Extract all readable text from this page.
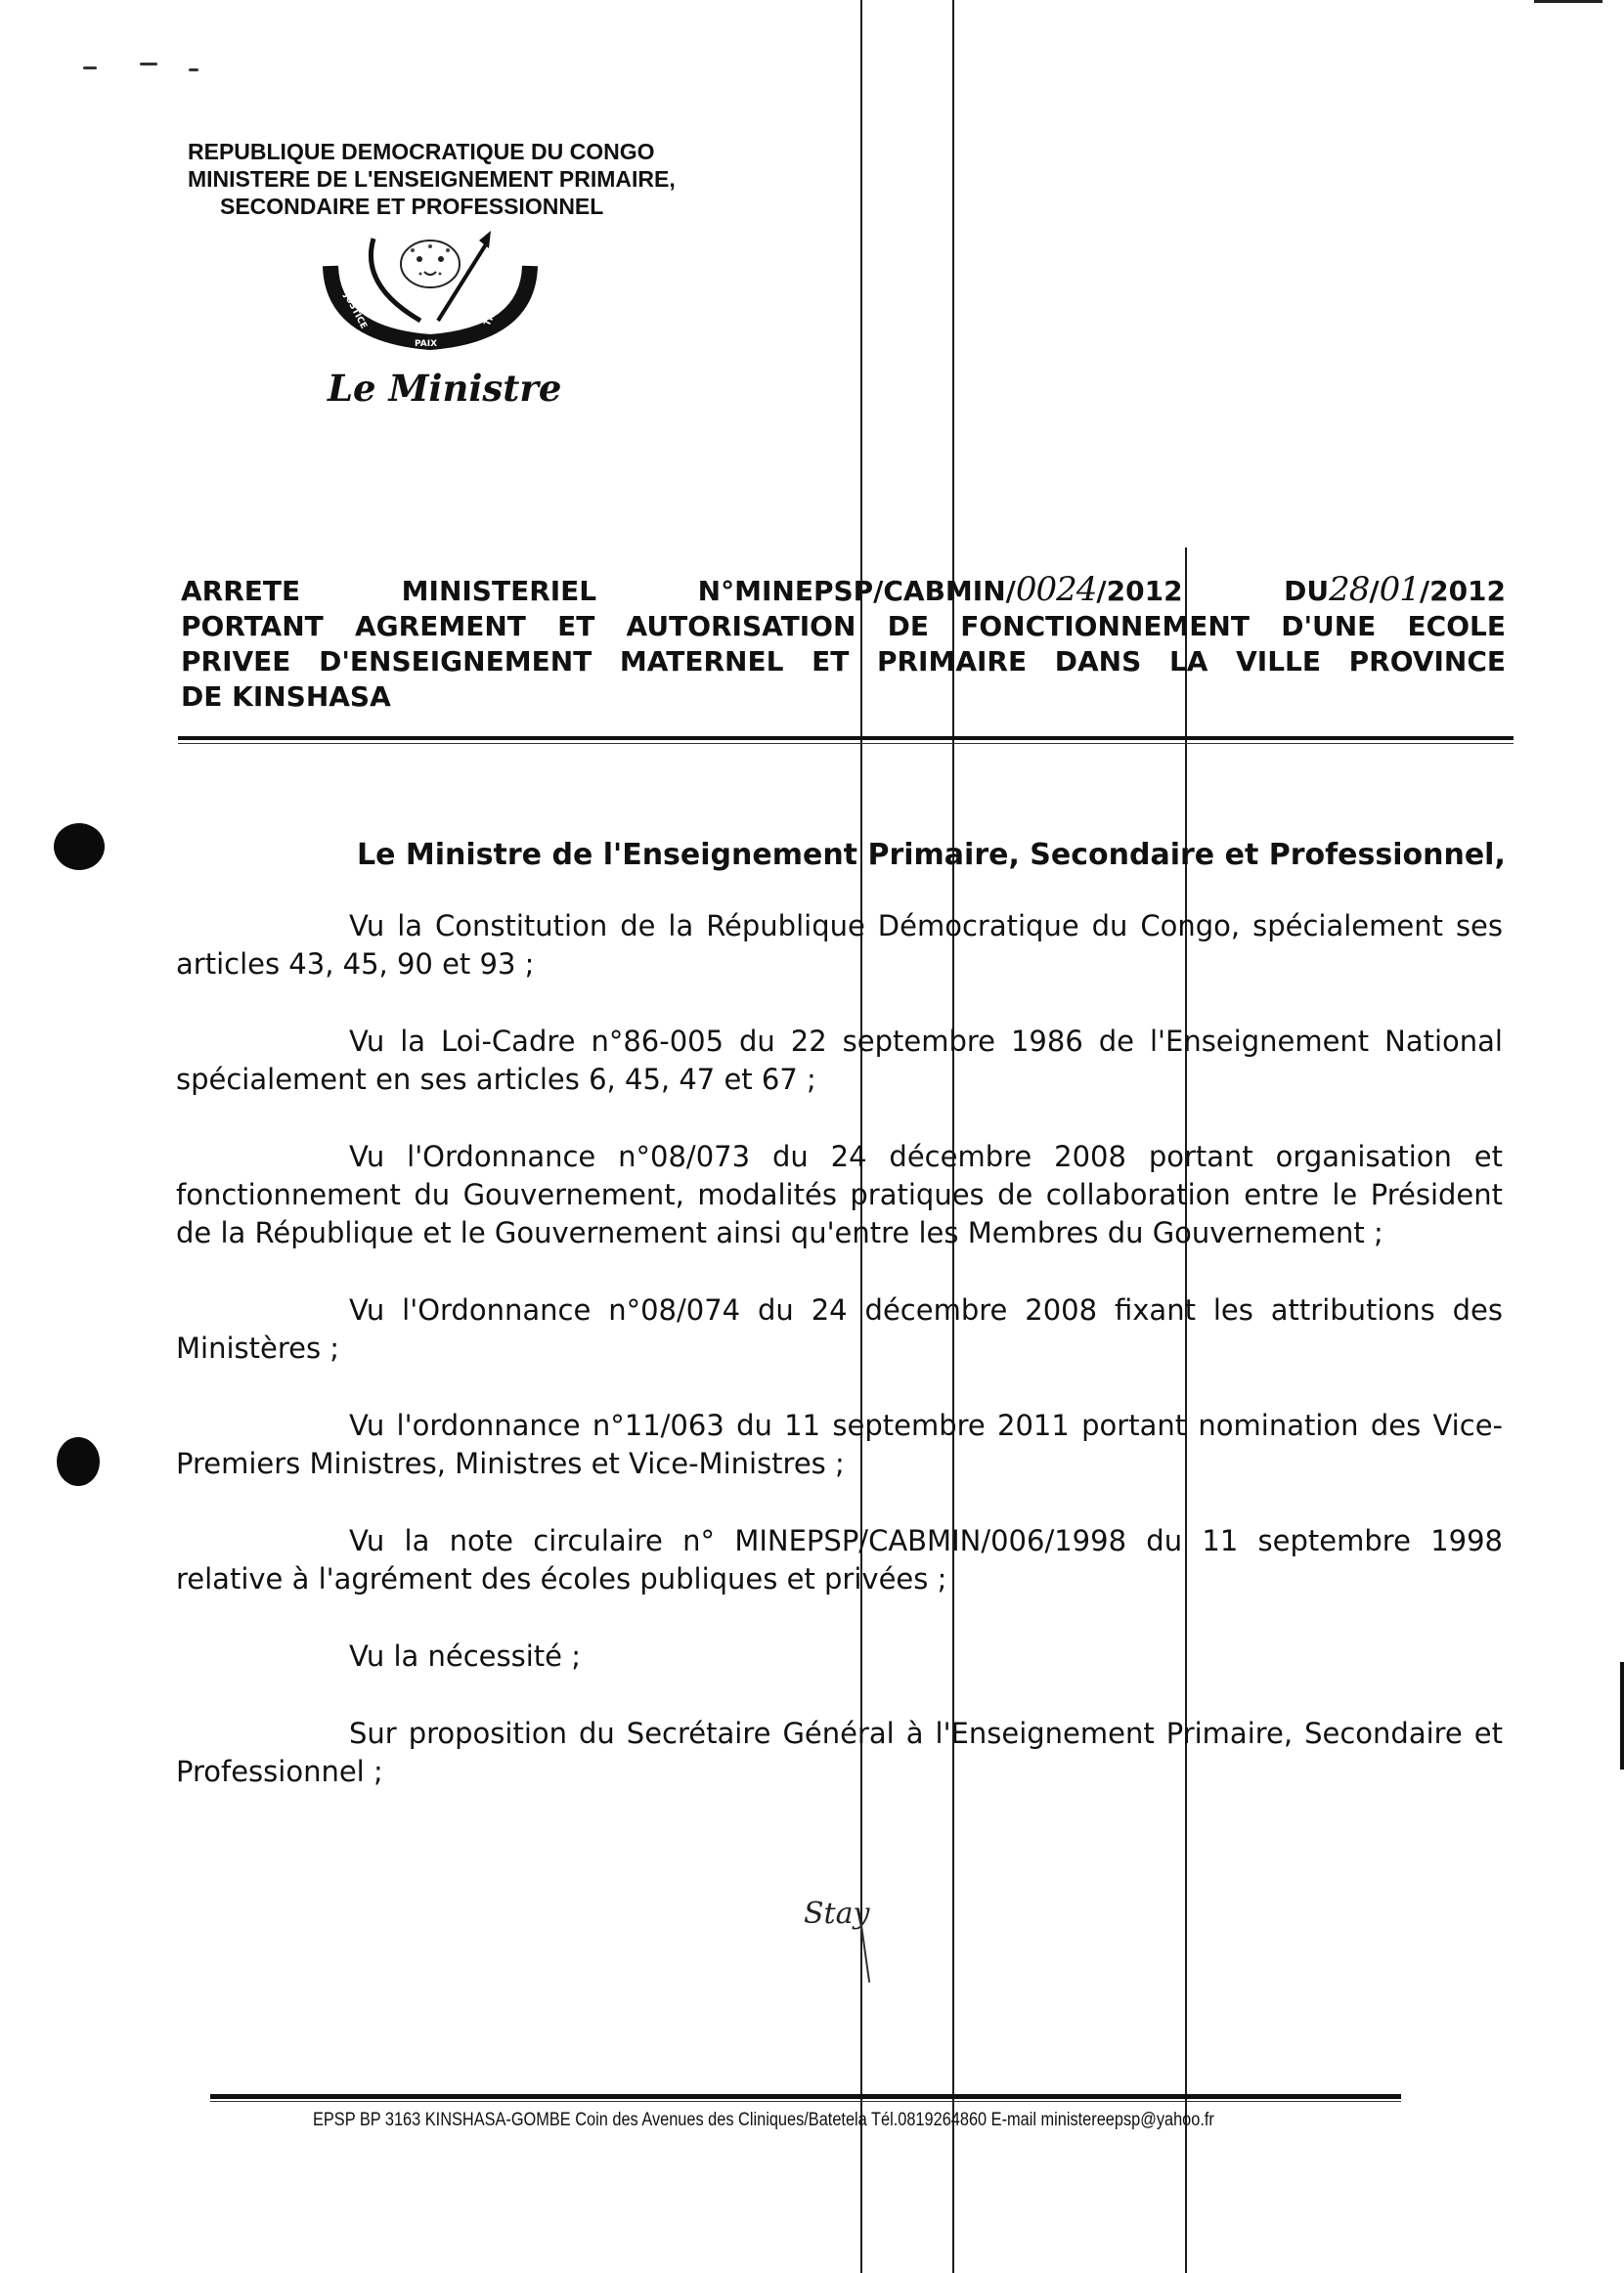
REPUBLIQUE DEMOCRATIQUE DU CONGO
MINISTERE DE L'ENSEIGNEMENT PRIMAIRE,
SECONDAIRE ET PROFESSIONNEL
JUSTICE
PAIX
TRAVAIL
Le Ministre
ARRETE MINISTERIEL N°MINEPSP/CABMIN/0024/2012	DU28/01/2012
PORTANT AGREMENT ET AUTORISATION DE FONCTIONNEMENT D'UNE ECOLE
PRIVEE D'ENSEIGNEMENT MATERNEL ET PRIMAIRE DANS LA VILLE PROVINCE
DE KINSHASA
Le Ministre de l'Enseignement Primaire, Secondaire et Professionnel,

Vu la Constitution de la République Démocratique du Congo, spécialement ses articles 43, 45, 90 et 93 ;

Vu la Loi-Cadre n°86-005 du 22 septembre 1986 de l'Enseignement National spécialement en ses articles 6, 45, 47 et 67 ;

Vu l'Ordonnance n°08/073 du 24 décembre 2008 portant organisation et fonctionnement du Gouvernement, modalités pratiques de collaboration entre le Président de la République et le Gouvernement ainsi qu'entre les Membres du Gouvernement ;

Vu l'Ordonnance n°08/074 du 24 décembre 2008 fixant les attributions des Ministères ;

Vu l'ordonnance n°11/063 du 11 septembre 2011 portant nomination des Vice-Premiers Ministres, Ministres et Vice-Ministres ;

Vu la note circulaire n° MINEPSP/CABMIN/006/1998 du 11 septembre 1998 relative à l'agrément des écoles publiques et privées ;

Vu la nécessité ;

Sur proposition du Secrétaire Général à l'Enseignement Primaire, Secondaire et Professionnel ;

Stay
EPSP BP 3163 KINSHASA-GOMBE Coin des Avenues des Cliniques/Batetela Tél.0819264860 E-mail ministereepsp@yahoo.fr
